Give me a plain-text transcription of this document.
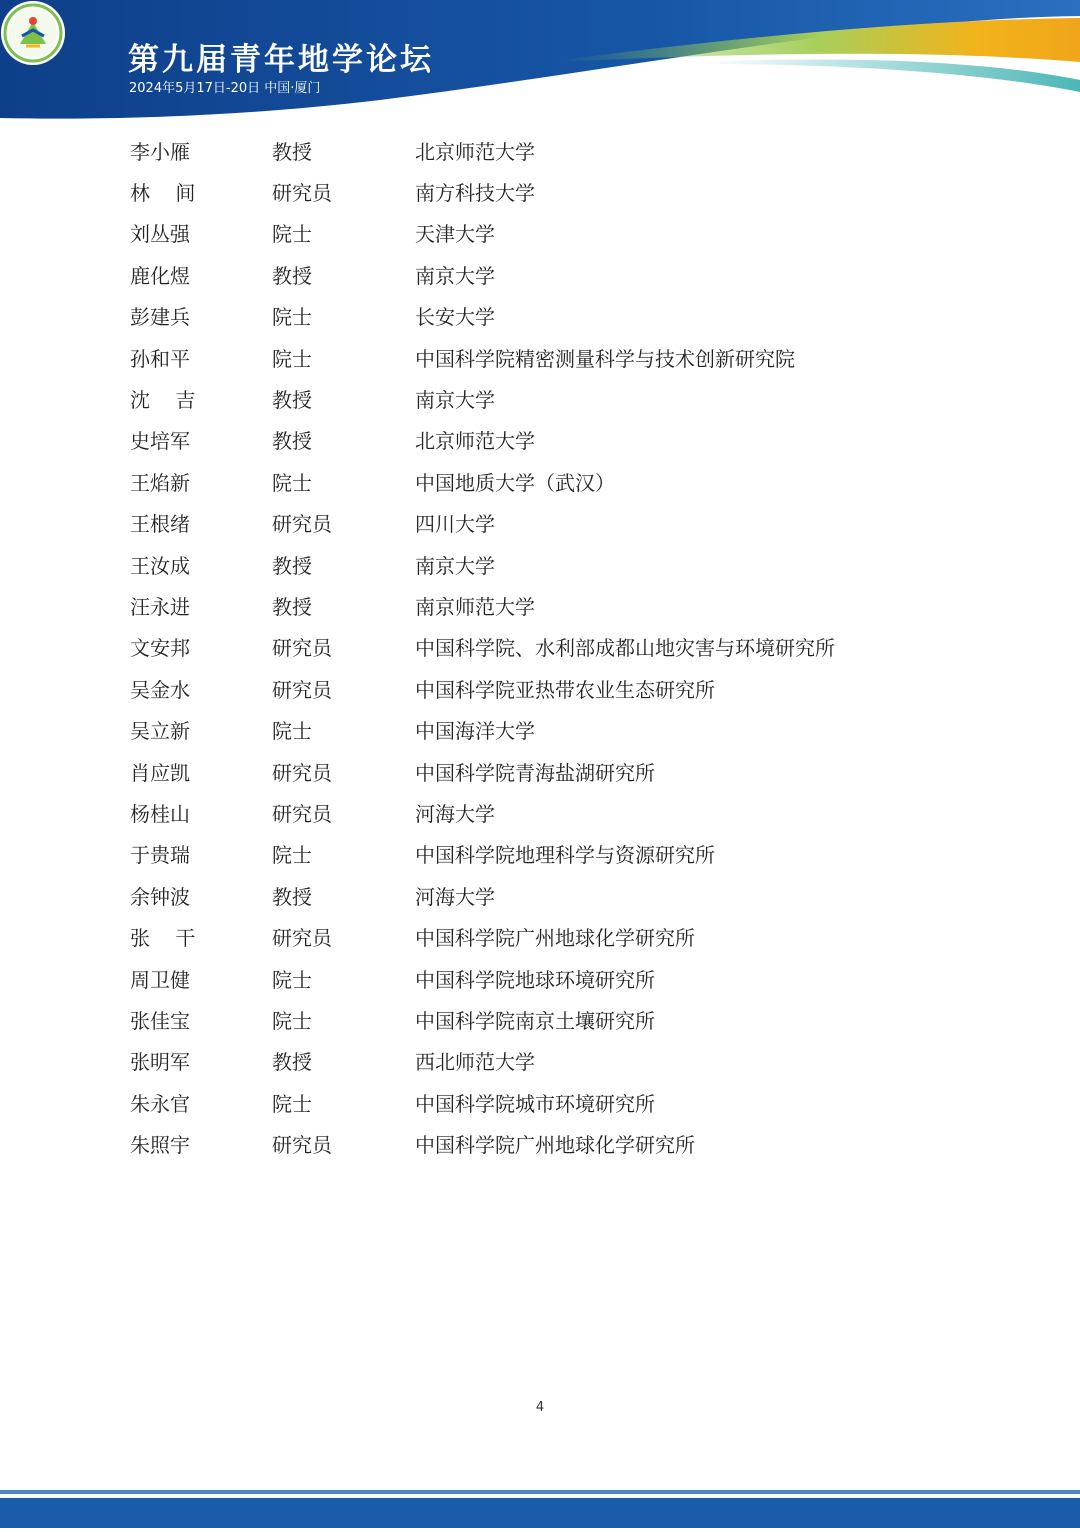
第九届青年地学论坛
2024年5月17日-20日 中国·厦门
李小雁	教授	北京师范大学
林    间	研究员	南方科技大学
刘丛强	院士	天津大学
鹿化煜	教授	南京大学
彭建兵	院士	长安大学
孙和平	院士	中国科学院精密测量科学与技术创新研究院
沈    吉	教授	南京大学
史培军	教授	北京师范大学
王焰新	院士	中国地质大学（武汉）
王根绪	研究员	四川大学
王汝成	教授	南京大学
汪永进	教授	南京师范大学
文安邦	研究员	中国科学院、水利部成都山地灾害与环境研究所
吴金水	研究员	中国科学院亚热带农业生态研究所
吴立新	院士	中国海洋大学
肖应凯	研究员	中国科学院青海盐湖研究所
杨桂山	研究员	河海大学
于贵瑞	院士	中国科学院地理科学与资源研究所
余钟波	教授	河海大学
张    干	研究员	中国科学院广州地球化学研究所
周卫健	院士	中国科学院地球环境研究所
张佳宝	院士	中国科学院南京土壤研究所
张明军	教授	西北师范大学
朱永官	院士	中国科学院城市环境研究所
朱照宇	研究员	中国科学院广州地球化学研究所
4
